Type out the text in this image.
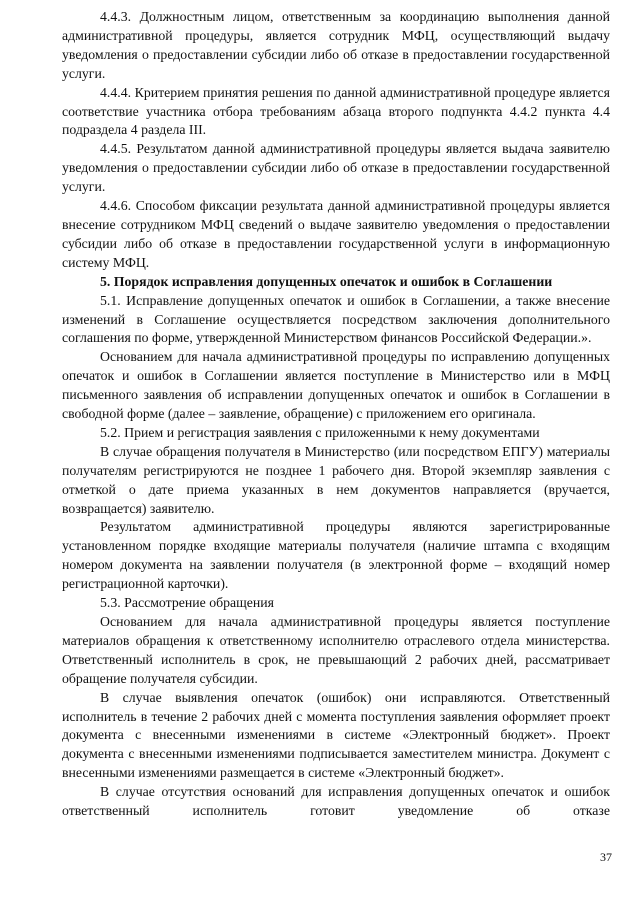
4.4.3. Должностным лицом, ответственным за координацию выполнения данной административной процедуры, является сотрудник МФЦ, осуществляющий выдачу уведомления о предоставлении субсидии либо об отказе в предоставлении государственной услуги.

4.4.4. Критерием принятия решения по данной административной процедуре является соответствие участника отбора требованиям абзаца второго подпункта 4.4.2 пункта 4.4 подраздела 4 раздела III.

4.4.5. Результатом данной административной процедуры является выдача заявителю уведомления о предоставлении субсидии либо об отказе в предоставлении государственной услуги.

4.4.6. Способом фиксации результата данной административной процедуры является внесение сотрудником МФЦ сведений о выдаче заявителю уведомления о предоставлении субсидии либо об отказе в предоставлении государственной услуги в информационную систему МФЦ.

5. Порядок исправления допущенных опечаток и ошибок в Соглашении

5.1. Исправление допущенных опечаток и ошибок в Соглашении, а также внесение изменений в Соглашение осуществляется посредством заключения дополнительного соглашения по форме, утвержденной Министерством финансов Российской Федерации.».

Основанием для начала административной процедуры по исправлению допущенных опечаток и ошибок в Соглашении является поступление в Министерство или в МФЦ письменного заявления об исправлении допущенных опечаток и ошибок в Соглашении в свободной форме (далее – заявление, обращение) с приложением его оригинала.

5.2. Прием и регистрация заявления с приложенными к нему документами

В случае обращения получателя в Министерство (или посредством ЕПГУ) материалы получателям регистрируются не позднее 1 рабочего дня. Второй экземпляр заявления с отметкой о дате приема указанных в нем документов направляется (вручается, возвращается) заявителю.

Результатом административной процедуры являются зарегистрированные установленном порядке входящие материалы получателя (наличие штампа с входящим номером документа на заявлении получателя (в электронной форме – входящий номер регистрационной карточки).

5.3. Рассмотрение обращения

Основанием для начала административной процедуры является поступление материалов обращения к ответственному исполнителю отраслевого отдела министерства. Ответственный исполнитель в срок, не превышающий 2 рабочих дней, рассматривает обращение получателя субсидии.

В случае выявления опечаток (ошибок) они исправляются. Ответственный исполнитель в течение 2 рабочих дней с момента поступления заявления оформляет проект документа с внесенными изменениями в системе «Электронный бюджет». Проект документа с внесенными изменениями подписывается заместителем министра. Документ с внесенными изменениями размещается в системе «Электронный бюджет».

В случае отсутствия оснований для исправления допущенных опечаток и ошибок ответственный исполнитель готовит уведомление об отказе

37
